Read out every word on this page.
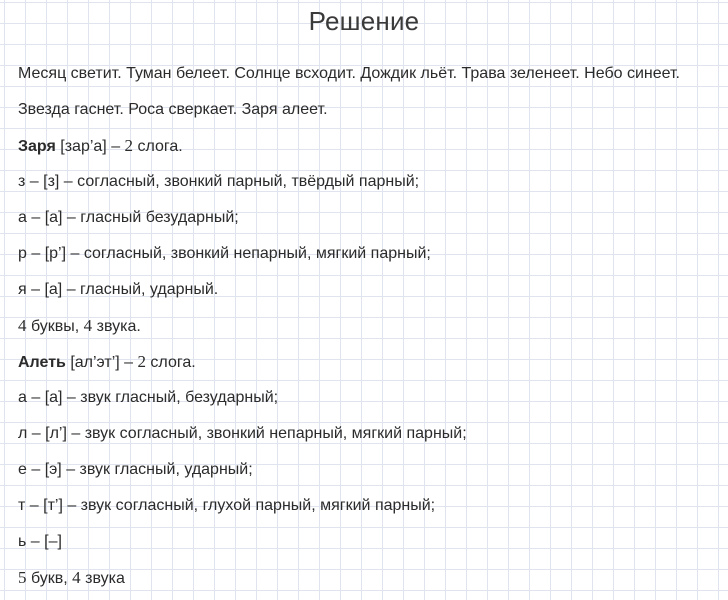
Решение
Месяц светит. Туман белеет. Солнце всходит. Дождик льёт. Трава зеленеет. Небо синеет. Звезда гаснет. Роса сверкает. Заря алеет.
Заря [зар’а] – 2 слога.
з – [з] – согласный, звонкий парный, твёрдый парный;
а – [а] – гласный безударный;
р – [р’] – согласный, звонкий непарный, мягкий парный;
я – [а] – гласный, ударный.
4 буквы, 4 звука.
Алеть [ал’эт’] – 2 слога.
а – [а] – звук гласный, безударный;
л – [л’] – звук согласный, звонкий непарный, мягкий парный;
е – [э] – звук гласный, ударный;
т – [т’] – звук согласный, глухой парный, мягкий парный;
ь – [–]
5 букв, 4 звука
